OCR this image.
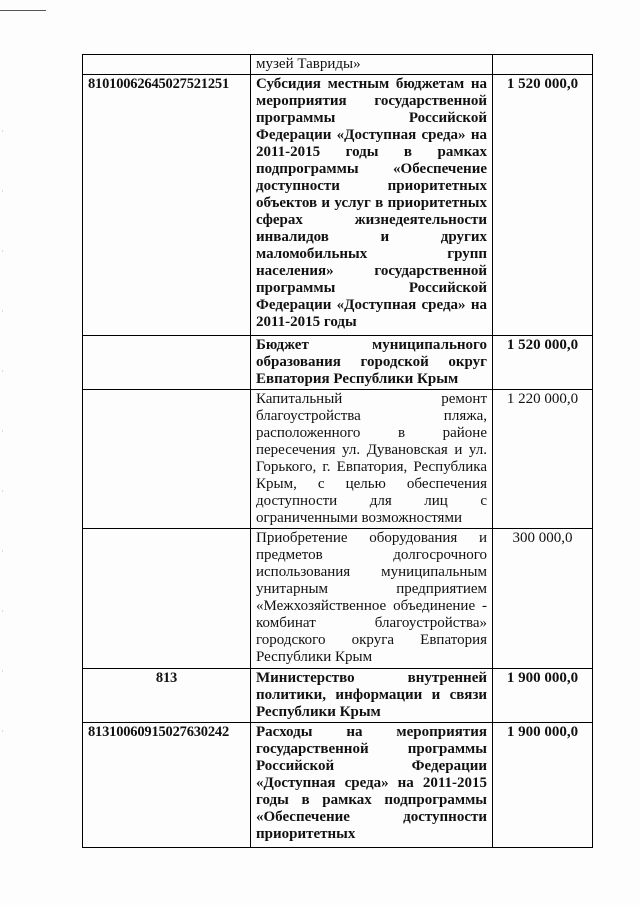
	музей Тавриды»	
81010062645027521251	Субсидия местным бюджетам на мероприятия государственной программы Российской Федерации «Доступная среда» на 2011-2015 годы в рамках подпрограммы «Обеспечение доступности приоритетных объектов и услуг в приоритетных сферах жизнедеятельности инвалидов и других маломобильных групп населения» государственной программы Российской Федерации «Доступная среда» на 2011-2015 годы	1 520 000,0
	Бюджет муниципального образования городской округ Евпатория Республики Крым	1 520 000,0
	Капитальный ремонт благоустройства пляжа, расположенного в районе пересечения ул. Дувановская и ул. Горького, г. Евпатория, Республика Крым, с целью обеспечения доступности для лиц с ограниченными возможностями	1 220 000,0
	Приобретение оборудования и предметов долгосрочного использования муниципальным унитарным предприятием «Межхозяйственное объединение - комбинат благоустройства» городского округа Евпатория Республики Крым	300 000,0
813	Министерство внутренней политики, информации и связи Республики Крым	1 900 000,0
81310060915027630242	Расходы на мероприятия государственной программы Российской Федерации «Доступная среда» на 2011-2015 годы в рамках подпрограммы «Обеспечение доступности приоритетных	1 900 000,0
